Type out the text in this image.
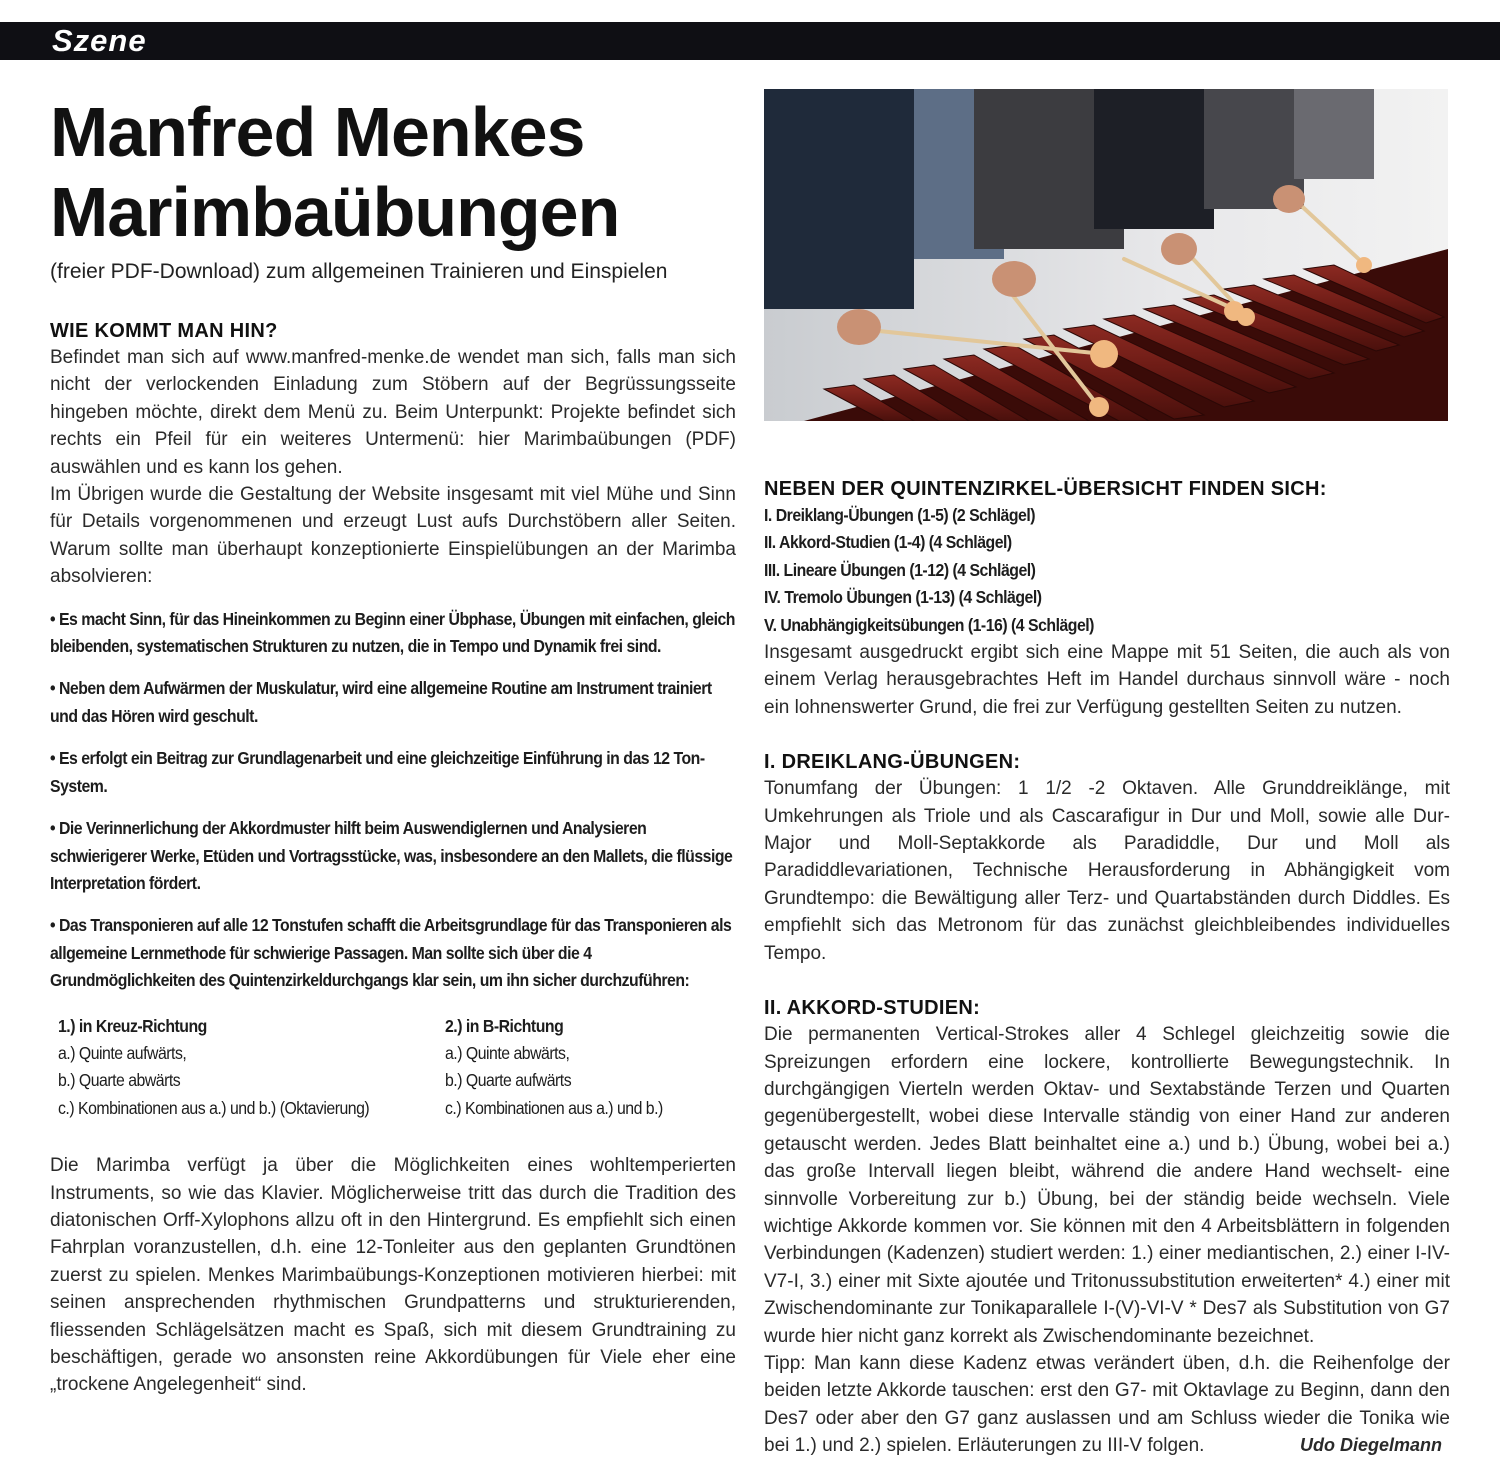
Szene
Manfred Menkes
Marimbaübungen
(freier PDF-Download) zum allgemeinen Trainieren und Einspielen
WIE KOMMT MAN HIN?

Befindet man sich auf www.manfred-menke.de wendet man sich, falls man sich nicht der verlockenden Einladung zum Stöbern auf der Begrüssungsseite hingeben möchte, direkt dem Menü zu. Beim Unterpunkt: Projekte befindet sich rechts ein Pfeil für ein weiteres Untermenü: hier Marimbaübungen (PDF) auswählen und es kann los gehen.

Im Übrigen wurde die Gestaltung der Website insgesamt mit viel Mühe und Sinn für Details vorgenommenen und erzeugt Lust aufs Durchstöbern aller Seiten. Warum sollte man überhaupt konzeptionierte Einspielübungen an der Marimba absolvieren:

• Es macht Sinn, für das Hineinkommen zu Beginn einer Übphase, Übungen mit einfachen, gleich bleibenden, systematischen Strukturen zu nutzen, die in Tempo und Dynamik frei sind.

• Neben dem Aufwärmen der Muskulatur, wird eine allgemeine Routine am Instrument trainiert und das Hören wird geschult.

• Es erfolgt ein Beitrag zur Grundlagenarbeit und eine gleichzeitige Einführung in das 12 Ton- System.

• Die Verinnerlichung der Akkordmuster hilft beim Auswendiglernen und Analysieren schwierigerer Werke, Etüden und Vortragsstücke, was, insbesondere an den Mallets, die flüssige Interpretation fördert.

• Das Transponieren auf alle 12 Tonstufen schafft die Arbeitsgrundlage für das Transponieren als allgemeine Lernmethode für schwierige Passagen. Man sollte sich über die 4 Grundmöglichkeiten des Quintenzirkeldurchgangs klar sein, um ihn sicher durchzuführen:

1.) in Kreuz-Richtung
a.) Quinte aufwärts,
b.) Quarte abwärts
c.) Kombinationen aus a.) und b.) (Oktavierung)
2.) in B-Richtung
a.) Quinte abwärts,
b.) Quarte aufwärts
c.) Kombinationen aus a.) und b.)

Die Marimba verfügt ja über die Möglichkeiten eines wohltemperierten Instruments, so wie das Klavier. Möglicherweise tritt das durch die Tradition des diatonischen Orff-Xylophons allzu oft in den Hintergrund. Es empfiehlt sich einen Fahrplan voranzustellen, d.h. eine 12-Tonleiter aus den geplanten Grundtönen zuerst zu spielen. Menkes Marimbaübungs-Konzeptionen motivieren hierbei: mit seinen ansprechenden rhythmischen Grundpatterns und strukturierenden, fliessenden Schlägelsätzen macht es Spaß, sich mit diesem Grundtraining zu beschäftigen, gerade wo ansonsten reine Akkordübungen für Viele eher eine „trockene Angelegenheit“ sind.

NEBEN DER QUINTENZIRKEL-ÜBERSICHT FINDEN SICH:

I. Dreiklang-Übungen (1-5) (2 Schlägel)

II. Akkord-Studien (1-4) (4 Schlägel)

III. Lineare Übungen (1-12) (4 Schlägel)

IV. Tremolo Übungen (1-13) (4 Schlägel)

V. Unabhängigkeitsübungen (1-16) (4 Schlägel)

Insgesamt ausgedruckt ergibt sich eine Mappe mit 51 Seiten, die auch als von einem Verlag herausgebrachtes Heft im Handel durchaus sinnvoll wäre - noch ein lohnenswerter Grund, die frei zur Verfügung gestellten Seiten zu nutzen.

I. DREIKLANG-ÜBUNGEN:

Tonumfang der Übungen: 1 1/2 -2 Oktaven. Alle Grunddreiklänge, mit Umkehrungen als Triole und als Cascarafigur in Dur und Moll, sowie alle Dur-Major und Moll-Septakkorde als Paradiddle, Dur und Moll als Paradiddlevariationen, Technische Herausforderung in Abhängigkeit vom Grundtempo: die Bewältigung aller Terz- und Quartabständen durch Diddles. Es empfiehlt sich das Metronom für das zunächst gleichbleibendes individuelles Tempo.

II. AKKORD-STUDIEN:

Die permanenten Vertical-Strokes aller 4 Schlegel gleichzeitig sowie die Spreizungen erfordern eine lockere, kontrollierte Bewegungstechnik. In durchgängigen Vierteln werden Oktav- und Sextabstände Terzen und Quarten gegenübergestellt, wobei diese Intervalle ständig von einer Hand zur anderen getauscht werden. Jedes Blatt beinhaltet eine a.) und b.) Übung, wobei bei a.) das große Intervall liegen bleibt, während die andere Hand wechselt- eine sinnvolle Vorbereitung zur b.) Übung, bei der ständig beide wechseln. Viele wichtige Akkorde kommen vor. Sie können mit den 4 Arbeitsblättern in folgenden Verbindungen (Kadenzen) studiert werden: 1.) einer mediantischen, 2.) einer I-IV-V7-I, 3.) einer mit Sixte ajoutée und Tritonussubstitution erweiterten* 4.) einer mit Zwischendominante zur Tonikaparallele I-(V)-VI-V * Des7 als Substitution von G7 wurde hier nicht ganz korrekt als Zwischendominante bezeichnet.

Tipp: Man kann diese Kadenz etwas verändert üben, d.h. die Reihenfolge der beiden letzte Akkorde tauschen: erst den G7- mit Oktavlage zu Beginn, dann den Des7 oder aber den G7 ganz auslassen und am Schluss wieder die Tonika wie bei 1.) und 2.) spielen. Erläuterungen zu III-V folgen.	Udo Diegelmann
